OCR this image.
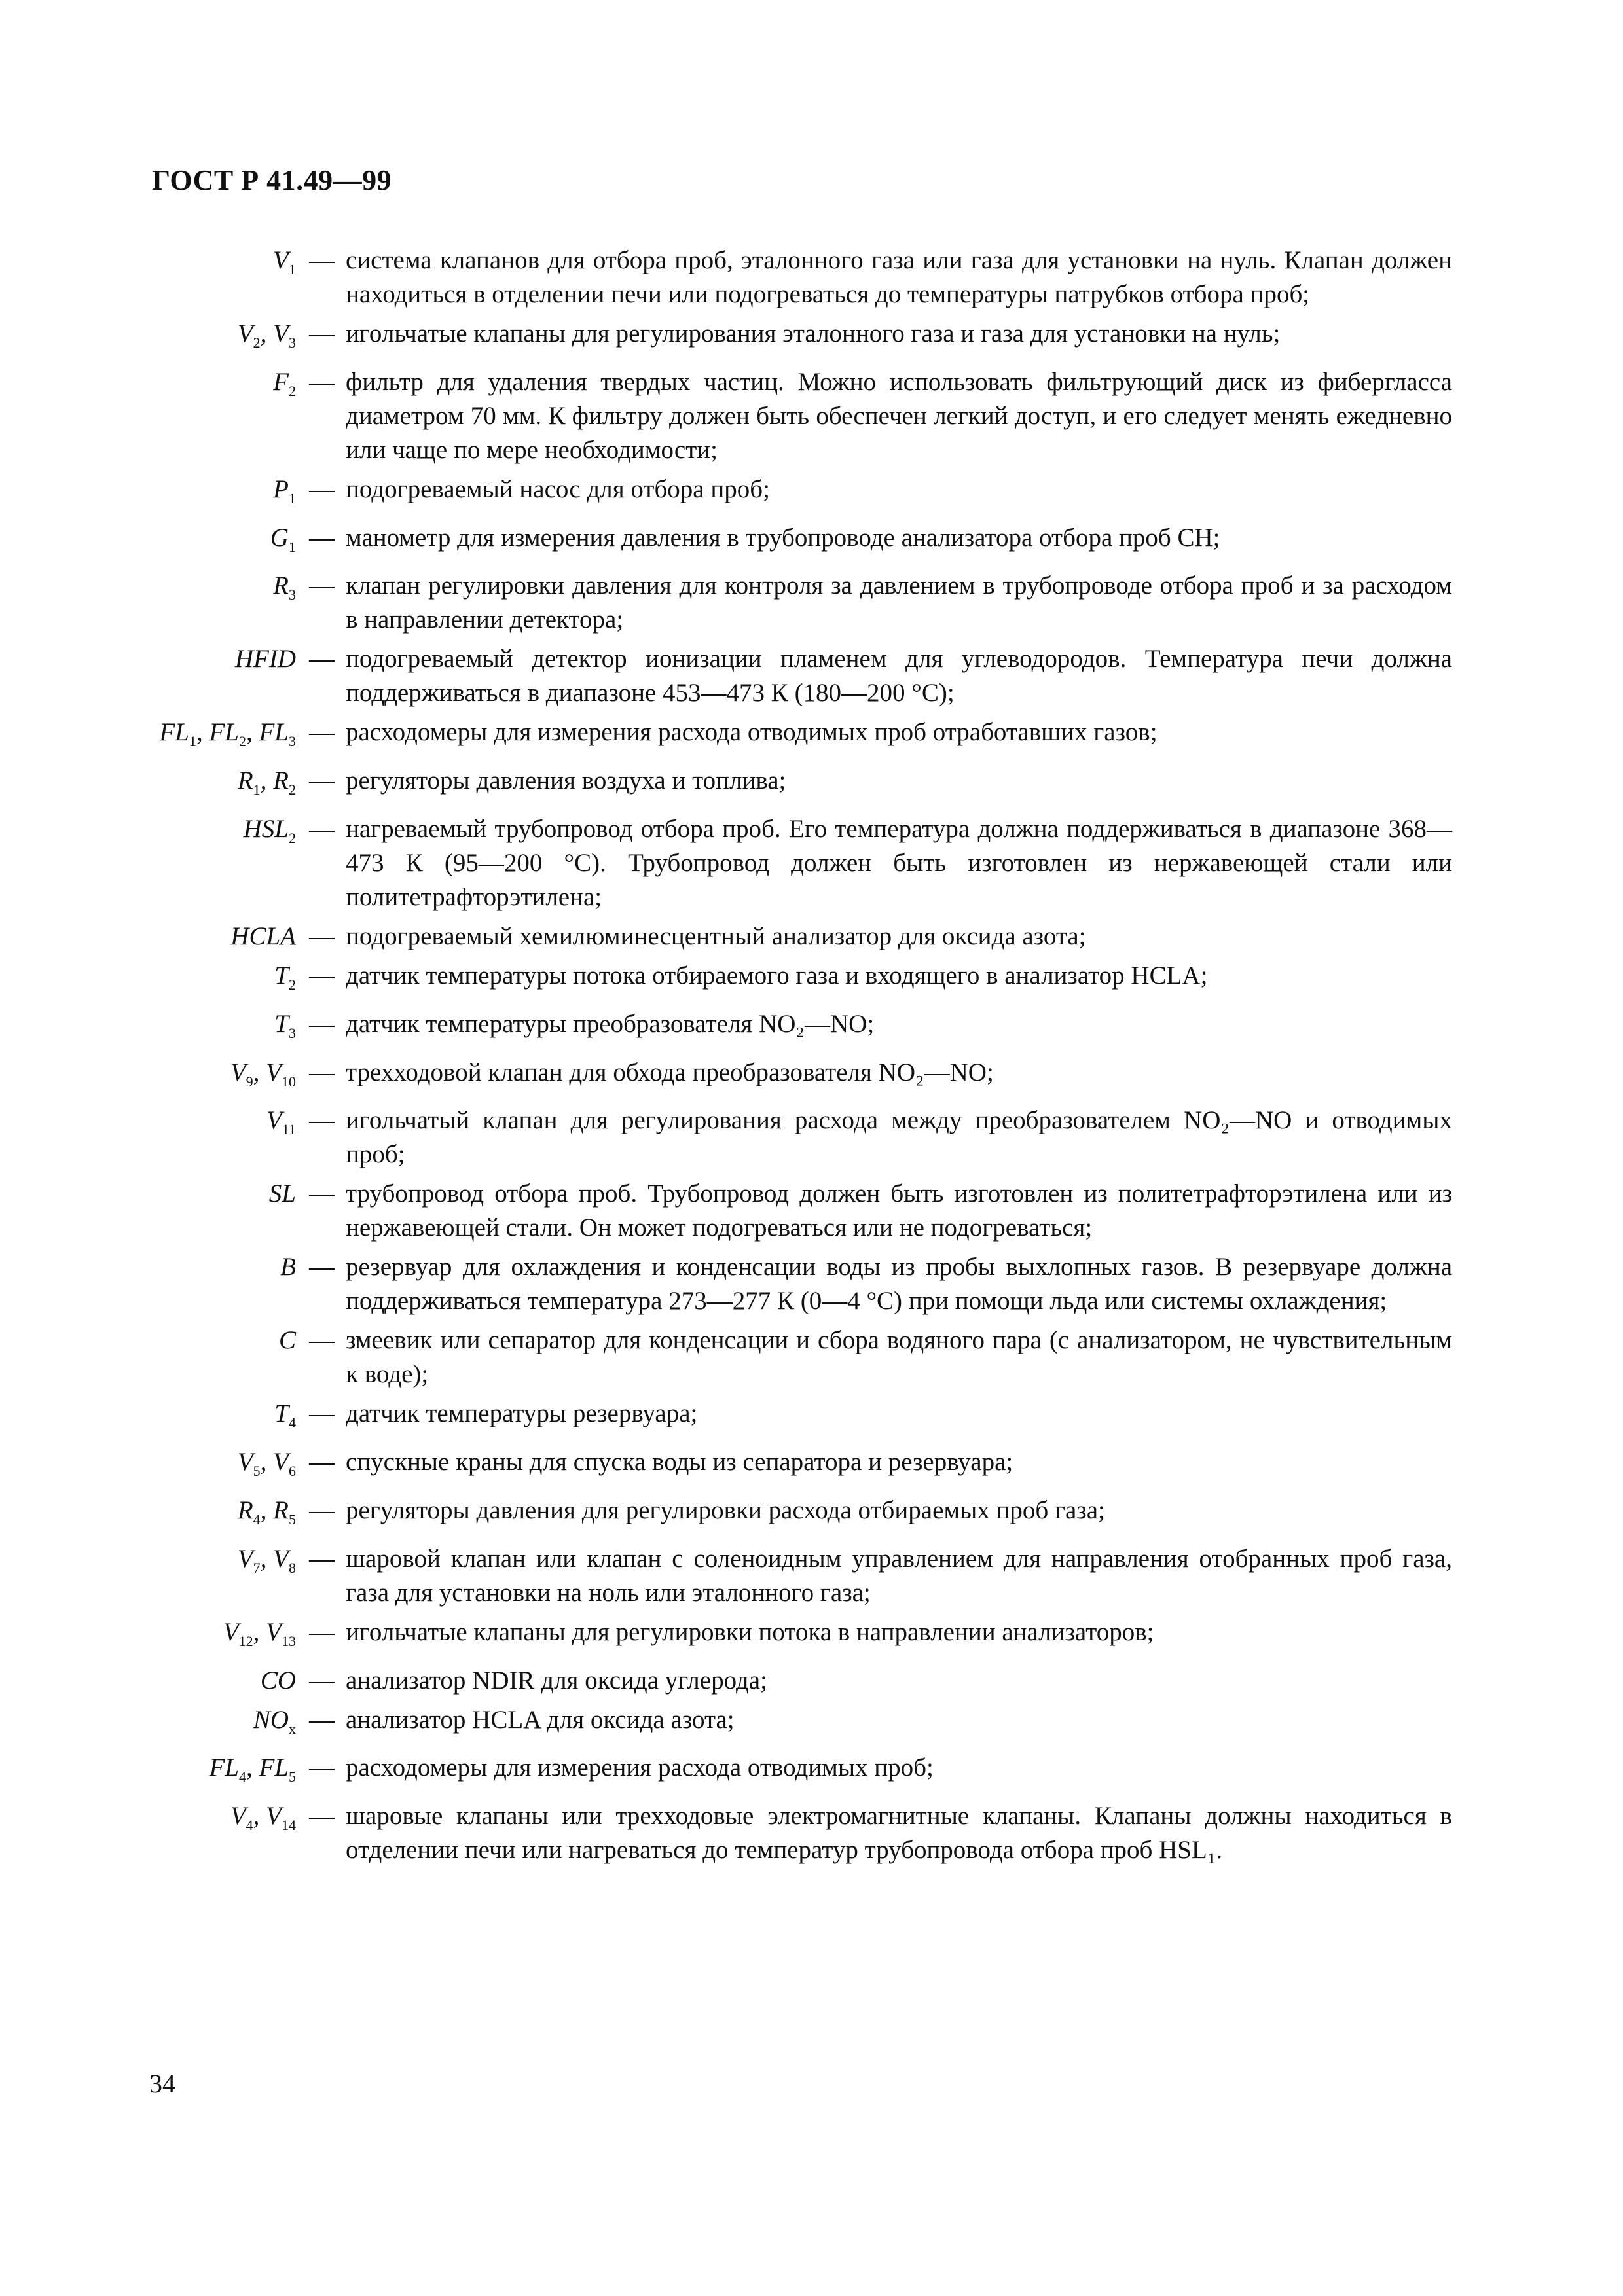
ГОСТ Р 41.49—99
$V_1$ — система клапанов для отбора проб, эталонного газа или газа для установки на нуль. Клапан должен находиться в отделении печи или подогреваться до температуры патрубков отбора проб;
$V_2$, $V_3$ — игольчатые клапаны для регулирования эталонного газа и газа для установки на нуль;
$F_2$ — фильтр для удаления твердых частиц. Можно использовать фильтрующий диск из фибергласса диаметром 70 мм. К фильтру должен быть обеспечен легкий доступ, и его следует менять ежедневно или чаще по мере необходимости;
$P_1$ — подогреваемый насос для отбора проб;
$G_1$ — манометр для измерения давления в трубопроводе анализатора отбора проб СН;
$R_3$ — клапан регулировки давления для контроля за давлением в трубопроводе отбора проб и за расходом в направлении детектора;
HFID — подогреваемый детектор ионизации пламенем для углеводородов. Температура печи должна поддерживаться в диапазоне 453—473 К (180—200 °С);
$FL_1$, $FL_2$, $FL_3$ — расходомеры для измерения расхода отводимых проб отработавших газов;
$R_1$, $R_2$ — регуляторы давления воздуха и топлива;
$HSL_2$ — нагреваемый трубопровод отбора проб. Его температура должна поддерживаться в диапазоне 368—473 К (95—200 °С). Трубопровод должен быть изготовлен из нержавеющей стали или политетрафторэтилена;
HCLA — подогреваемый хемилюминесцентный анализатор для оксида азота;
$T_2$ — датчик температуры потока отбираемого газа и входящего в анализатор HCLA;
$T_3$ — датчик температуры преобразователя NO₂—NO;
$V_9$, $V_{10}$ — трехходовой клапан для обхода преобразователя NO₂—NO;
$V_{11}$ — игольчатый клапан для регулирования расхода между преобразователем NO₂—NO и отводимых проб;
SL — трубопровод отбора проб. Трубопровод должен быть изготовлен из политетрафторэтилена или из нержавеющей стали. Он может подогреваться или не подогреваться;
B — резервуар для охлаждения и конденсации воды из пробы выхлопных газов. В резервуаре должна поддерживаться температура 273—277 К (0—4 °С) при помощи льда или системы охлаждения;
C — змеевик или сепаратор для конденсации и сбора водяного пара (с анализатором, не чувствительным к воде);
$T_4$ — датчик температуры резервуара;
$V_5$, $V_6$ — спускные краны для спуска воды из сепаратора и резервуара;
$R_4$, $R_5$ — регуляторы давления для регулировки расхода отбираемых проб газа;
$V_7$, $V_8$ — шаровой клапан или клапан с соленоидным управлением для направления отобранных проб газа, газа для установки на ноль или эталонного газа;
$V_{12}$, $V_{13}$ — игольчатые клапаны для регулировки потока в направлении анализаторов;
CO — анализатор NDIR для оксида углерода;
$NO_x$ — анализатор HCLA для оксида азота;
$FL_4$, $FL_5$ — расходомеры для измерения расхода отводимых проб;
$V_4$, $V_{14}$ — шаровые клапаны или трехходовые электромагнитные клапаны. Клапаны должны находиться в отделении печи или нагреваться до температур трубопровода отбора проб HSL₁.
34
